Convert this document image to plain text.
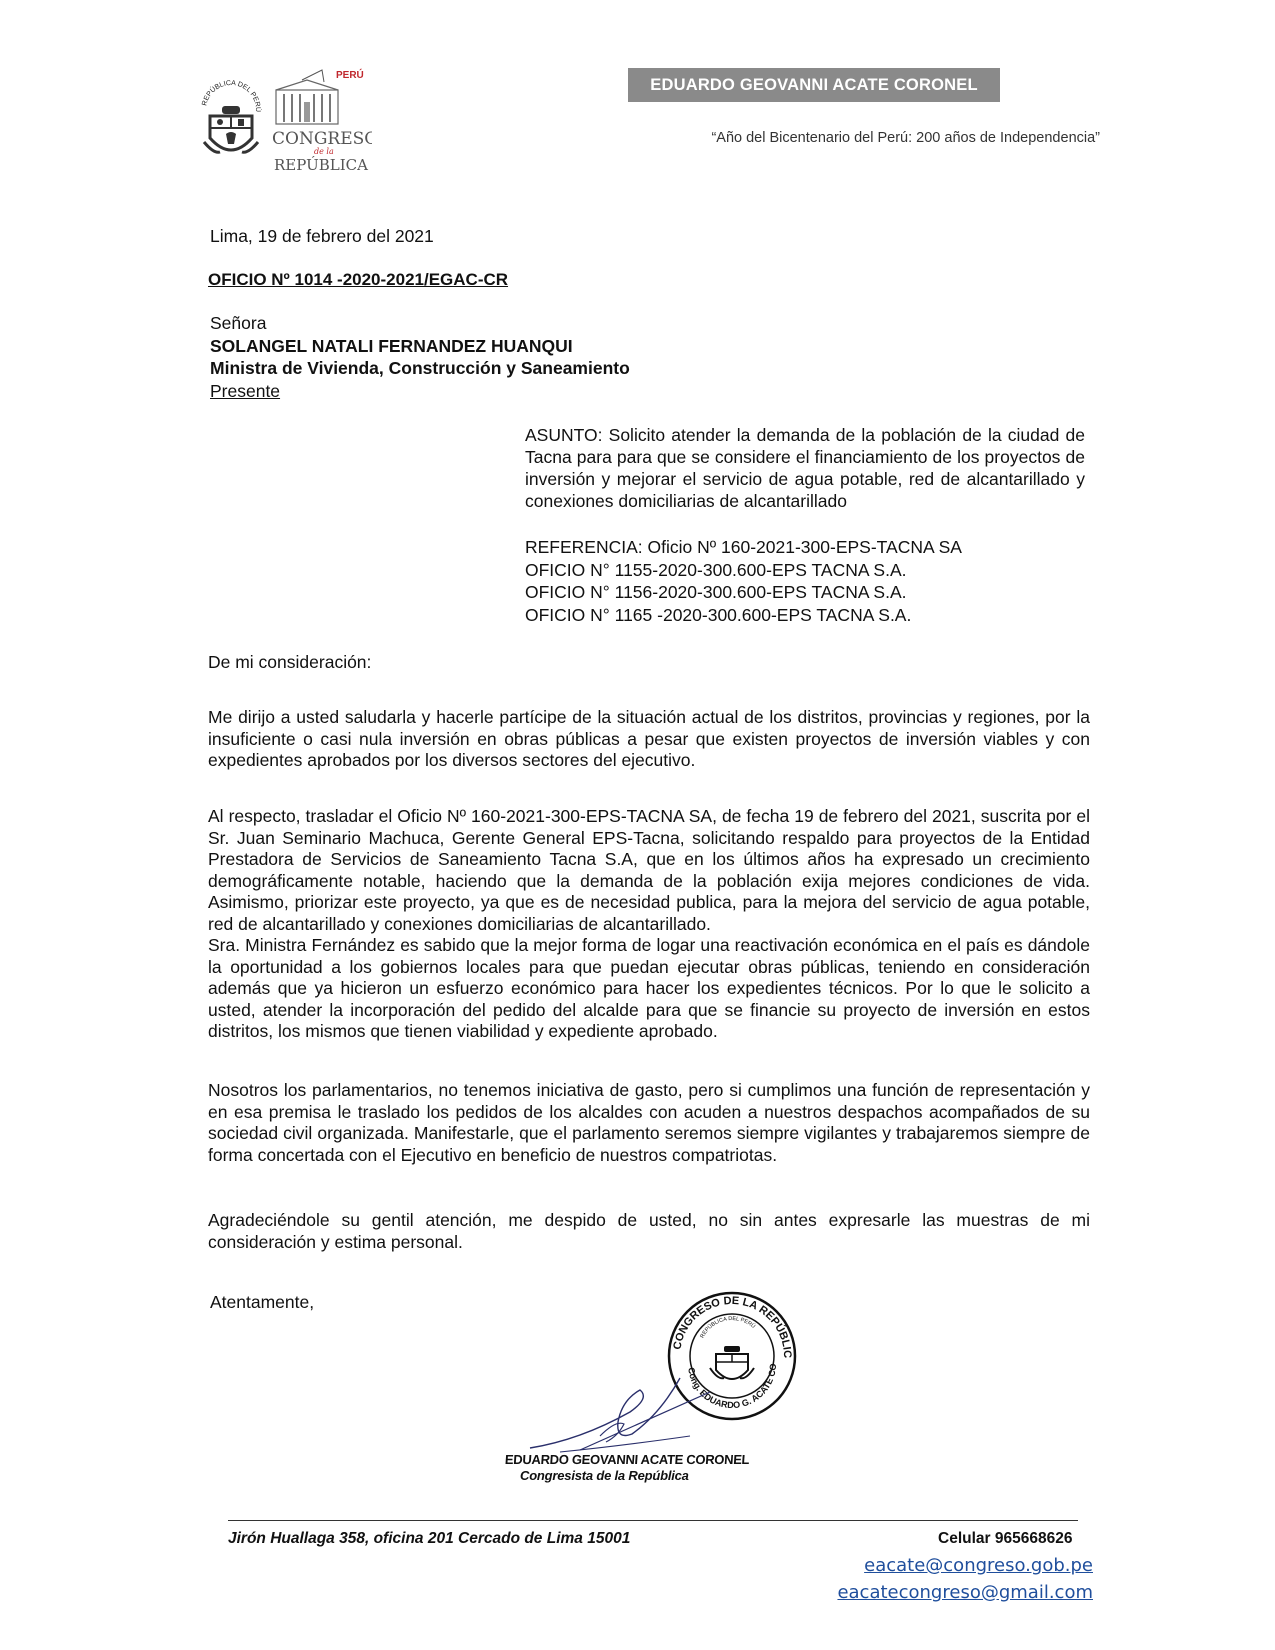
REPÚBLICA DEL PERÚ
PERÚ
CONGRESO
de la
REPÚBLICA
EDUARDO GEOVANNI ACATE CORONEL
“Año del Bicentenario del Perú: 200 años de Independencia”
Lima, 19 de febrero del 2021
OFICIO Nº 1014 -2020-2021/EGAC-CR
Señora
SOLANGEL NATALI FERNANDEZ HUANQUI
Ministra de Vivienda, Construcción y Saneamiento
Presente
ASUNTO: Solicito atender la demanda de la población de la ciudad de Tacna para para que se considere el financiamiento de los proyectos de inversión y mejorar el servicio de agua potable, red de alcantarillado y conexiones domiciliarias de alcantarillado
REFERENCIA: Oficio Nº 160-2021-300-EPS-TACNA SA
OFICIO N° 1155-2020-300.600-EPS TACNA S.A.
OFICIO N° 1156-2020-300.600-EPS TACNA S.A.
OFICIO N° 1165 -2020-300.600-EPS TACNA S.A.
De mi consideración:
Me dirijo a usted saludarla y hacerle partícipe de la situación actual de los distritos, provincias y regiones, por la insuficiente o casi nula inversión en obras públicas a pesar que existen proyectos de inversión viables y con expedientes aprobados por los diversos sectores del ejecutivo.
Al respecto, trasladar el Oficio Nº 160-2021-300-EPS-TACNA SA, de fecha 19 de febrero del 2021, suscrita por el Sr. Juan Seminario Machuca, Gerente General EPS-Tacna, solicitando respaldo para proyectos de la Entidad Prestadora de Servicios de Saneamiento Tacna S.A, que en los últimos años ha expresado un crecimiento demográficamente notable, haciendo que la demanda de la población exija mejores condiciones de vida. Asimismo, priorizar este proyecto, ya que es de necesidad publica, para la mejora del servicio de agua potable, red de alcantarillado y conexiones domiciliarias de alcantarillado.
Sra. Ministra Fernández es sabido que la mejor forma de logar una reactivación económica en el país es dándole la oportunidad a los gobiernos locales para que puedan ejecutar obras públicas, teniendo en consideración además que ya hicieron un esfuerzo económico para hacer los expedientes técnicos. Por lo que le solicito a usted, atender la incorporación del pedido del alcalde para que se financie su proyecto de inversión en estos distritos, los mismos que tienen viabilidad y expediente aprobado.
Nosotros los parlamentarios, no tenemos iniciativa de gasto, pero si cumplimos una función de representación y en esa premisa le traslado los pedidos de los alcaldes con acuden a nuestros despachos acompañados de su sociedad civil organizada. Manifestarle, que el parlamento seremos siempre vigilantes y trabajaremos siempre de forma concertada con el Ejecutivo en beneficio de nuestros compatriotas.
Agradeciéndole su gentil atención, me despido de usted, no sin antes expresarle las muestras de mi consideración y estima personal.
Atentamente,
CONGRESO DE LA REPÚBLIC
Cong. EDUARDO G. ACATE CO
REPÚBLICA DEL PERÚ
EDUARDO GEOVANNI ACATE CORONEL
Congresista de la República
Jirón Huallaga 358, oficina 201 Cercado de Lima 15001	Celular 965668626
eacate@congreso.gob.pe
eacatecongreso@gmail.com
